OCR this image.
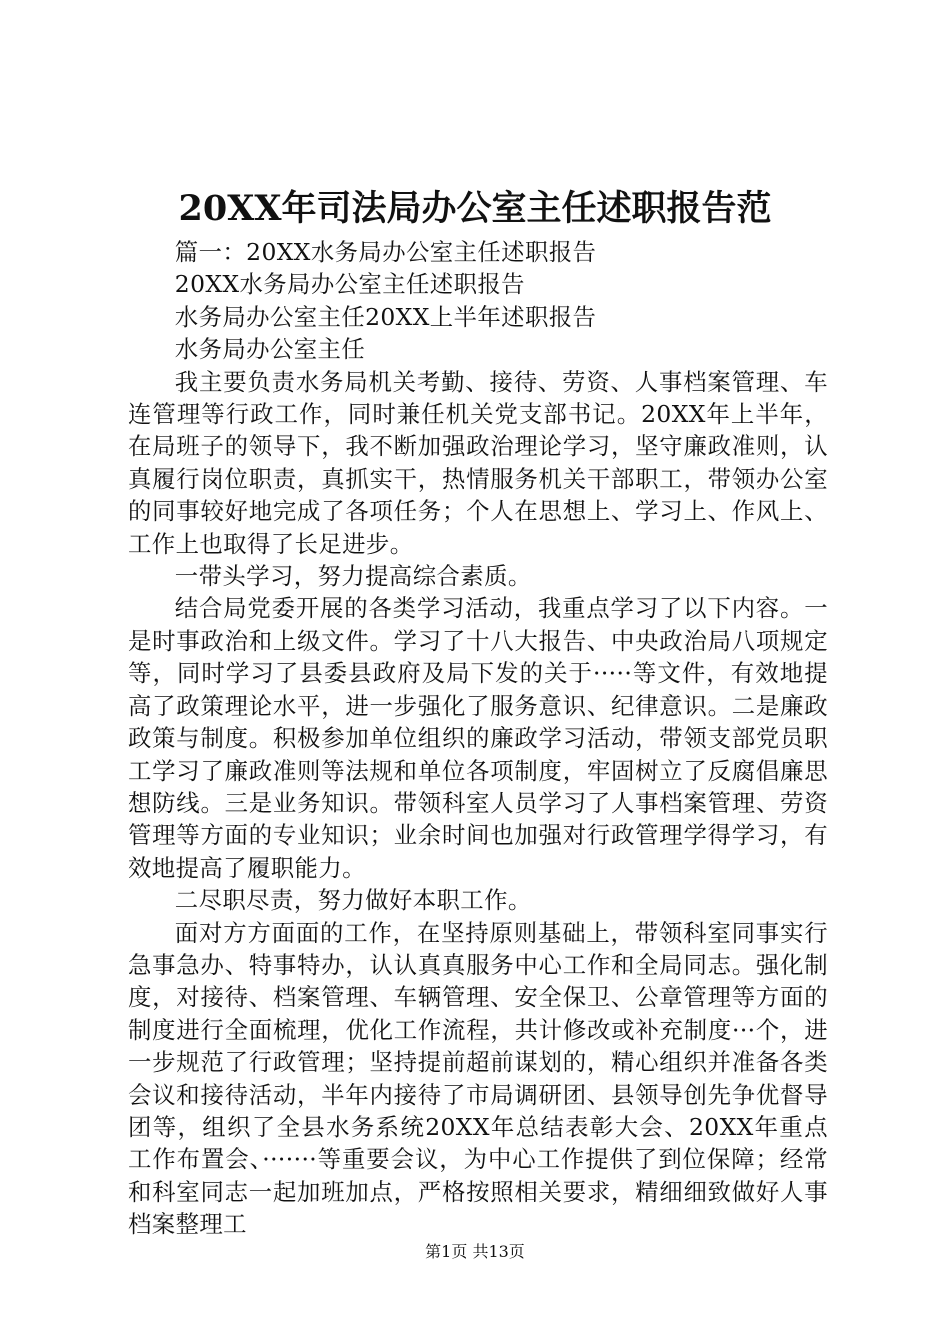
20XX年司法局办公室主任述职报告范

篇一：20XX水务局办公室主任述职报告

20XX水务局办公室主任述职报告

水务局办公室主任20XX上半年述职报告

水务局办公室主任

我主要负责水务局机关考勤、接待、劳资、人事档案管理、车连管理等行政工作，同时兼任机关党支部书记。20XX年上半年，在局班子的领导下，我不断加强政治理论学习，坚守廉政准则，认真履行岗位职责，真抓实干，热情服务机关干部职工，带领办公室的同事较好地完成了各项任务；个人在思想上、学习上、作风上、工作上也取得了长足进步。

一带头学习，努力提高综合素质。

结合局党委开展的各类学习活动，我重点学习了以下内容。一是时事政治和上级文件。学习了十八大报告、中央政治局八项规定等，同时学习了县委县政府及局下发的关于·····等文件，有效地提高了政策理论水平，进一步强化了服务意识、纪律意识。二是廉政政策与制度。积极参加单位组织的廉政学习活动，带领支部党员职工学习了廉政准则等法规和单位各项制度，牢固树立了反腐倡廉思想防线。三是业务知识。带领科室人员学习了人事档案管理、劳资管理等方面的专业知识；业余时间也加强对行政管理学得学习，有效地提高了履职能力。

二尽职尽责，努力做好本职工作。

面对方方面面的工作，在坚持原则基础上，带领科室同事实行急事急办、特事特办，认认真真服务中心工作和全局同志。强化制度，对接待、档案管理、车辆管理、安全保卫、公章管理等方面的制度进行全面梳理，优化工作流程，共计修改或补充制度···个，进一步规范了行政管理；坚持提前超前谋划的，精心组织并准备各类会议和接待活动，半年内接待了市局调研团、县领导创先争优督导团等，组织了全县水务系统20XX年总结表彰大会、20XX年重点工作布置会、·······等重要会议，为中心工作提供了到位保障；经常和科室同志一起加班加点，严格按照相关要求，精细细致做好人事档案整理工

第1页 共13页
